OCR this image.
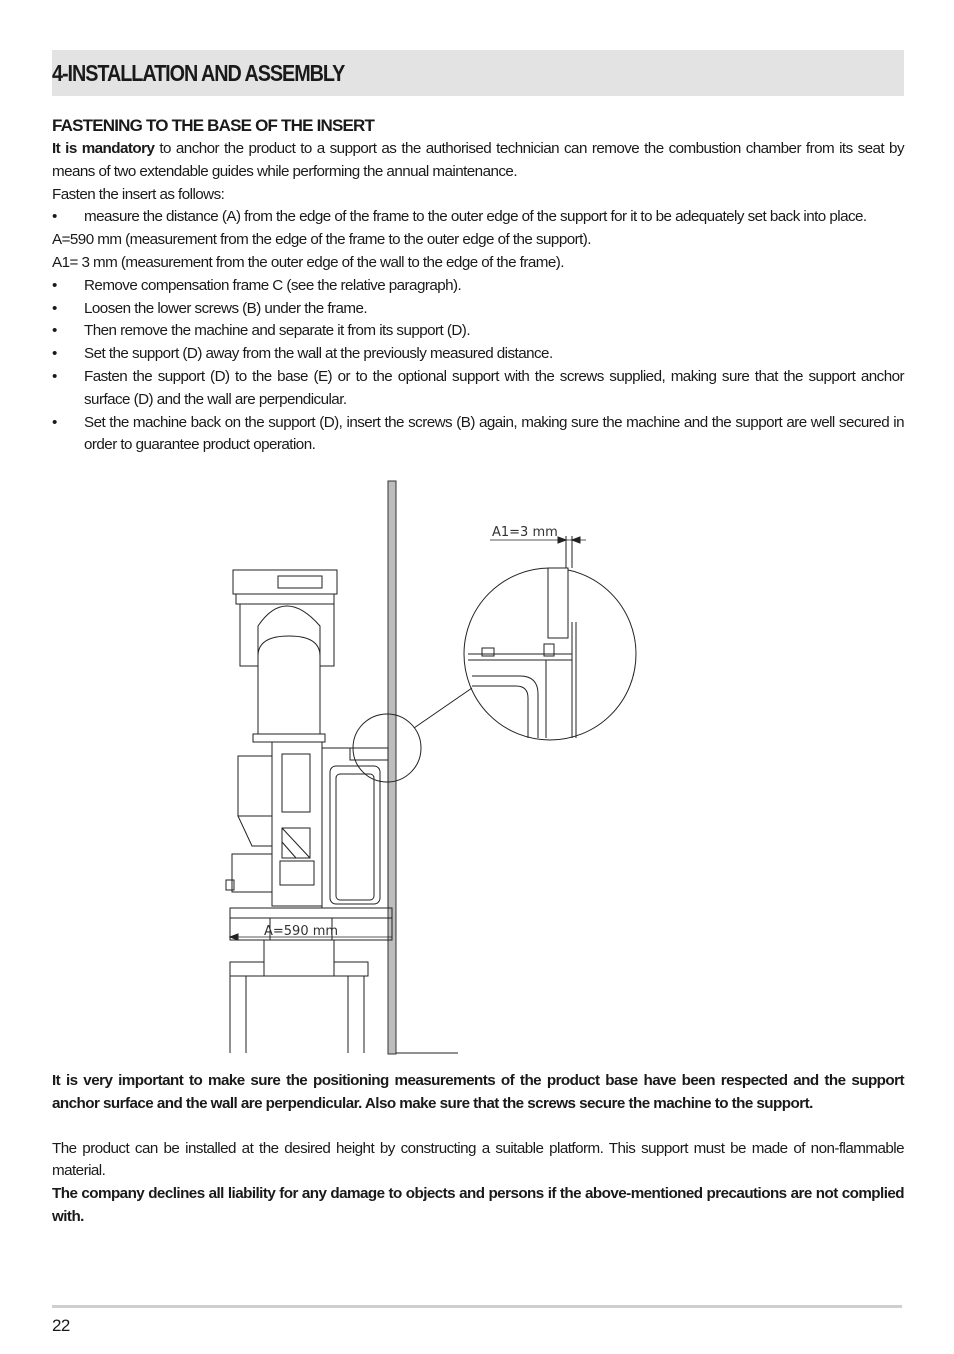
4-INSTALLATION AND ASSEMBLY

FASTENING TO THE BASE OF THE INSERT

It is mandatory to anchor the product to a support as the authorised technician can remove the combustion chamber from its seat by means of two extendable guides while performing the annual maintenance.

Fasten the insert as follows:

• measure the distance (A) from the edge of the frame to the outer edge of the support for it to be adequately set back into place.

A=590 mm (measurement from the edge of the frame to the outer edge of the support).

A1= 3 mm (measurement from the outer edge of the wall to the edge of the frame).

• Remove compensation frame C (see the relative paragraph).
• Loosen the lower screws (B) under the frame.
• Then remove the machine and separate it from its support (D).
• Set the support (D) away from the wall at the previously measured distance.
• Fasten the support (D) to the base (E) or to the optional support with the screws supplied, making sure that the support anchor surface (D) and the wall are perpendicular.
• Set the machine back on the support (D), insert the screws (B) again, making sure the machine and the support are well secured in order to guarantee product operation.
A1=3 mm
A=590 mm

It is very important to make sure the positioning measurements of the product base have been respected and the support anchor surface and the wall are perpendicular. Also make sure that the screws secure the machine to the support.

The product can be installed at the desired height by constructing a suitable platform. This support must be made of non-flammable material.

The company declines all liability for any damage to objects and persons if the above-mentioned precautions are not complied with.

22
